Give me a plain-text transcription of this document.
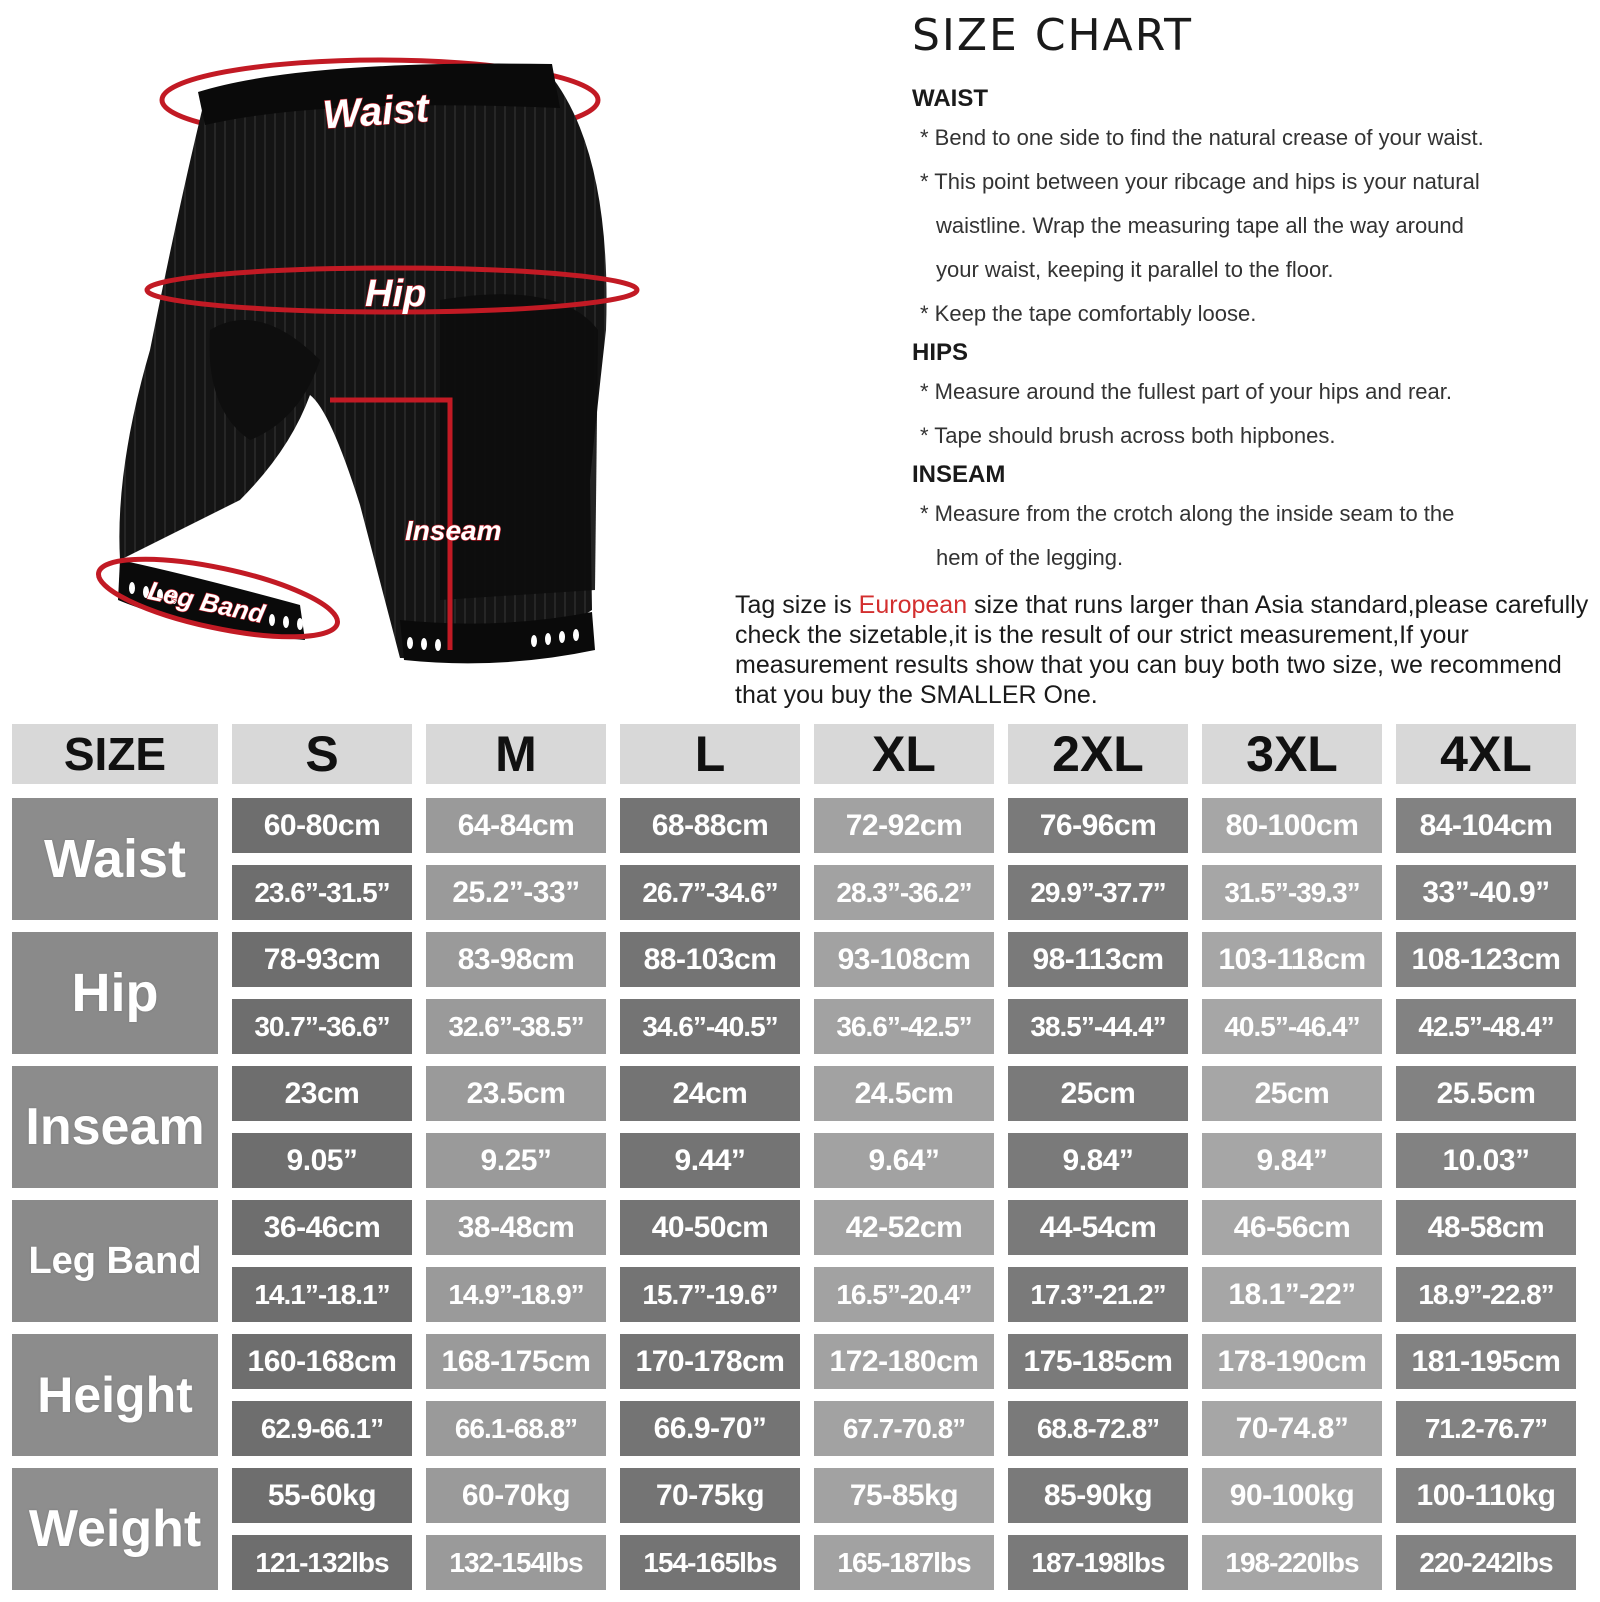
Waist
Hip
Inseam
Leg Band
SIZE CHART

WAIST

* Bend to one side to find the natural crease of your waist.

* This point between your ribcage and hips is your natural
waistline. Wrap the measuring tape all the way around
your waist, keeping it parallel to the floor.

* Keep the tape comfortably loose.

HIPS

* Measure around the fullest part of your hips and rear.

* Tape should brush across both hipbones.

INSEAM

* Measure from the crotch along the inside seam to the
hem of the legging.

Tag size is European size that runs larger than Asia standard,please carefully check the sizetable,it is the result of our strict measurement,If your measurement results show that you can buy both two size, we recommend that you buy the SMALLER One.

SIZE	S	M	L	XL	2XL	3XL	4XL
Waist
60-80cm	64-84cm	68-88cm	72-92cm	76-96cm	80-100cm	84-104cm
23.6”-31.5”	25.2”-33”	26.7”-34.6”	28.3”-36.2”	29.9”-37.7”	31.5”-39.3”	33”-40.9”
Hip
78-93cm	83-98cm	88-103cm	93-108cm	98-113cm	103-118cm	108-123cm
30.7”-36.6”	32.6”-38.5”	34.6”-40.5”	36.6”-42.5”	38.5”-44.4”	40.5”-46.4”	42.5”-48.4”
Inseam
23cm	23.5cm	24cm	24.5cm	25cm	25cm	25.5cm
9.05”	9.25”	9.44”	9.64”	9.84”	9.84”	10.03”
Leg Band
36-46cm	38-48cm	40-50cm	42-52cm	44-54cm	46-56cm	48-58cm
14.1”-18.1”	14.9”-18.9”	15.7”-19.6”	16.5”-20.4”	17.3”-21.2”	18.1”-22”	18.9”-22.8”
Height
160-168cm	168-175cm	170-178cm	172-180cm	175-185cm	178-190cm	181-195cm
62.9-66.1”	66.1-68.8”	66.9-70”	67.7-70.8”	68.8-72.8”	70-74.8”	71.2-76.7”
Weight
55-60kg	60-70kg	70-75kg	75-85kg	85-90kg	90-100kg	100-110kg
121-132lbs	132-154lbs	154-165lbs	165-187lbs	187-198lbs	198-220lbs	220-242lbs
